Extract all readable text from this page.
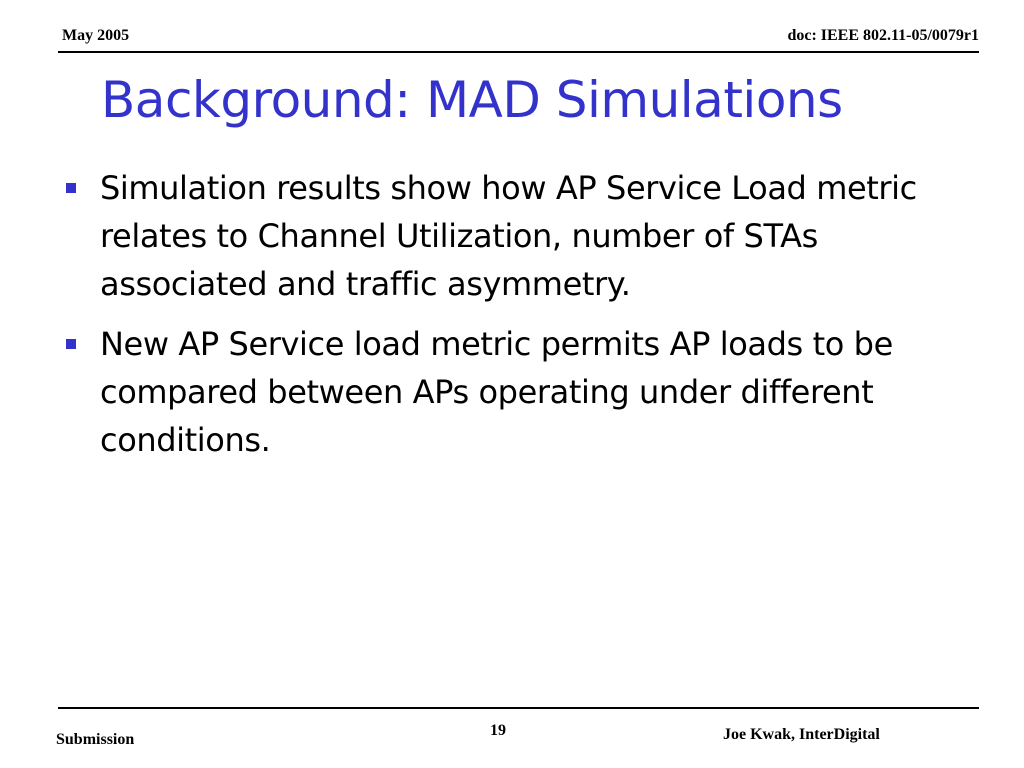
May 2005	doc: IEEE 802.11-05/0079r1
Background: MAD Simulations
Simulation results show how AP Service Load metric relates to Channel Utilization, number of STAs associated and traffic asymmetry.
New AP Service load metric permits AP loads to be compared between APs operating under different conditions.
Submission
19	Joe Kwak, InterDigital
